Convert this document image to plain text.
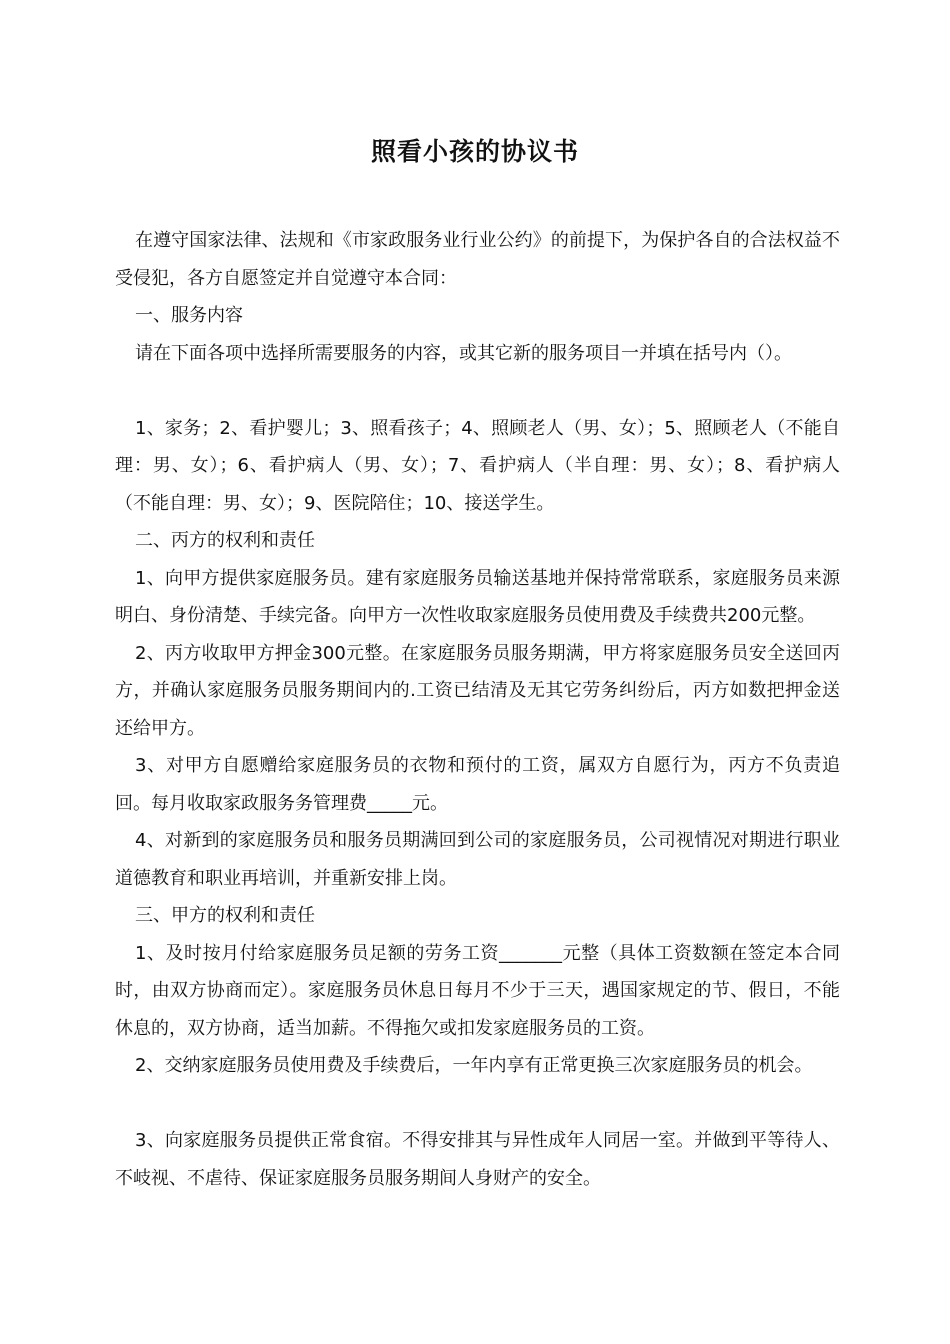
照看小孩的协议书

在遵守国家法律、法规和《市家政服务业行业公约》的前提下，为保护各自的合法权益不受侵犯，各方自愿签定并自觉遵守本合同：

一、服务内容

请在下面各项中选择所需要服务的内容，或其它新的服务项目一并填在括号内（）。

1、家务；2、看护婴儿；3、照看孩子；4、照顾老人（男、女）；5、照顾老人（不能自理：男、女）；6、看护病人（男、女）；7、看护病人（半自理：男、女）；8、看护病人（不能自理：男、女）；9、医院陪住；10、接送学生。

二、丙方的权利和责任

1、向甲方提供家庭服务员。建有家庭服务员输送基地并保持常常联系，家庭服务员来源明白、身份清楚、手续完备。向甲方一次性收取家庭服务员使用费及手续费共200元整。

2、丙方收取甲方押金300元整。在家庭服务员服务期满，甲方将家庭服务员安全送回丙方，并确认家庭服务员服务期间内的.工资已结清及无其它劳务纠纷后，丙方如数把押金送还给甲方。

3、对甲方自愿赠给家庭服务员的衣物和预付的工资，属双方自愿行为，丙方不负责追回。每月收取家政服务务管理费_____元。

4、对新到的家庭服务员和服务员期满回到公司的家庭服务员，公司视情况对期进行职业道德教育和职业再培训，并重新安排上岗。

三、甲方的权利和责任

1、及时按月付给家庭服务员足额的劳务工资_______元整（具体工资数额在签定本合同时，由双方协商而定）。家庭服务员休息日每月不少于三天，遇国家规定的节、假日，不能休息的，双方协商，适当加薪。不得拖欠或扣发家庭服务员的工资。

2、交纳家庭服务员使用费及手续费后，一年内享有正常更换三次家庭服务员的机会。

3、向家庭服务员提供正常食宿。不得安排其与异性成年人同居一室。并做到平等待人、不岐视、不虐待、保证家庭服务员服务期间人身财产的安全。
